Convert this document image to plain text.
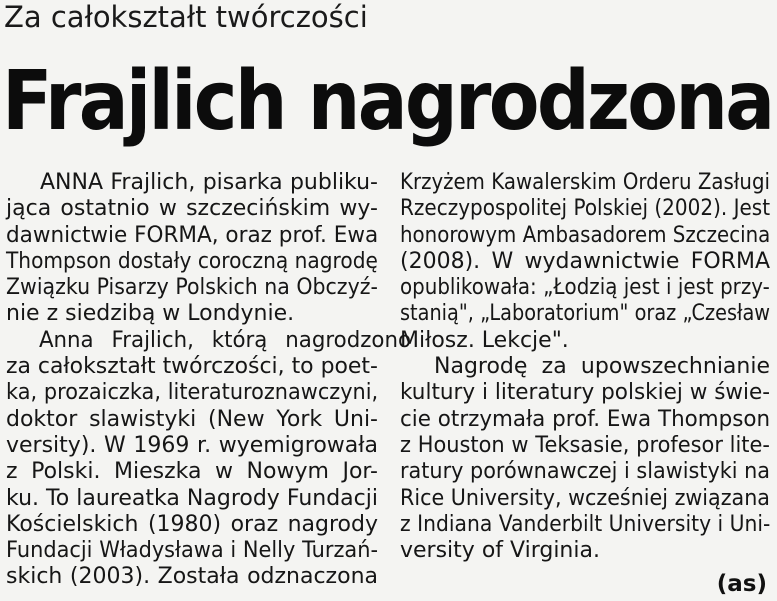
Za całokształt twórczości
Frajlich nagrodzona
ANNA Frajlich, pisarka publiku-
jąca ostatnio w szczecińskim wy-
dawnictwie FORMA, oraz prof. Ewa
Thompson dostały coroczną nagrodę
Związku Pisarzy Polskich na Obczyź-
nie z siedzibą w Londynie.
Anna Frajlich, którą nagrodzono
za całokształt twórczości, to poet-
ka, prozaiczka, literaturoznawczyni,
doktor slawistyki (New York Uni-
versity). W 1969 r. wyemigrowała
z Polski. Mieszka w Nowym Jor-
ku. To laureatka Nagrody Fundacji
Kościelskich (1980) oraz nagrody
Fundacji Władysława i Nelly Turzań-
skich (2003). Została odznaczona
Krzyżem Kawalerskim Orderu Zasługi
Rzeczypospolitej Polskiej (2002). Jest
honorowym Ambasadorem Szczecina
(2008). W wydawnictwie FORMA
opublikowała: „Łodzią jest i jest przy-
stanią", „Laboratorium" oraz „Czesław
Miłosz. Lekcje".
Nagrodę za upowszechnianie
kultury i literatury polskiej w świe-
cie otrzymała prof. Ewa Thompson
z Houston w Teksasie, profesor lite-
ratury porównawczej i slawistyki na
Rice University, wcześniej związana
z Indiana Vanderbilt University i Uni-
versity of Virginia.
(as)
